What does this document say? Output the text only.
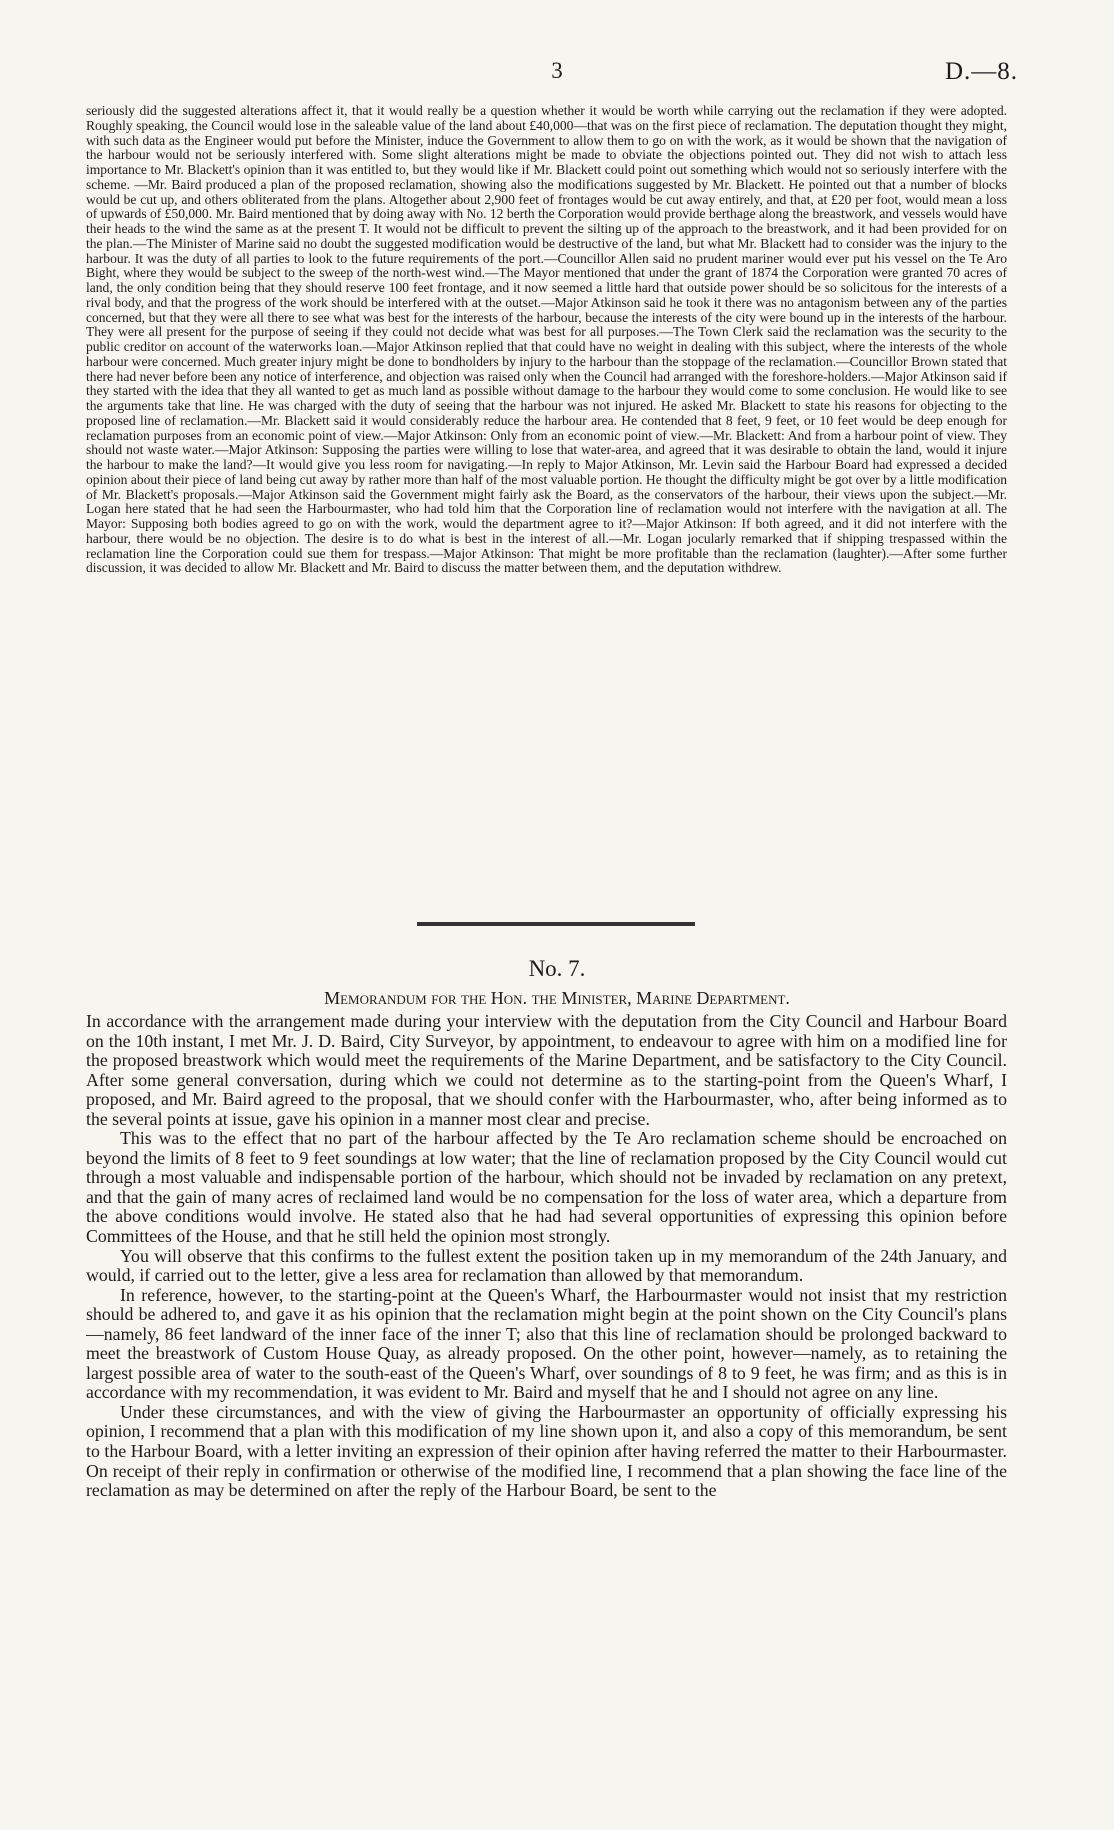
3	D.—8.
seriously did the suggested alterations affect it, that it would really be a question whether it would be worth while carrying out the reclamation if they were adopted. Roughly speaking, the Council would lose in the saleable value of the land about £40,000—that was on the first piece of reclamation. The deputation thought they might, with such data as the Engineer would put before the Minister, induce the Government to allow them to go on with the work, as it would be shown that the navigation of the harbour would not be seriously interfered with. Some slight alterations might be made to obviate the objections pointed out. They did not wish to attach less importance to Mr. Blackett's opinion than it was entitled to, but they would like if Mr. Blackett could point out something which would not so seriously interfere with the scheme. —Mr. Baird produced a plan of the proposed reclamation, showing also the modifications suggested by Mr. Blackett. He pointed out that a number of blocks would be cut up, and others obliterated from the plans. Altogether about 2,900 feet of frontages would be cut away entirely, and that, at £20 per foot, would mean a loss of upwards of £50,000. Mr. Baird mentioned that by doing away with No. 12 berth the Corporation would provide berthage along the breastwork, and vessels would have their heads to the wind the same as at the present T. It would not be difficult to prevent the silting up of the approach to the breastwork, and it had been provided for on the plan.—The Minister of Marine said no doubt the suggested modification would be destructive of the land, but what Mr. Blackett had to consider was the injury to the harbour. It was the duty of all parties to look to the future requirements of the port.—Councillor Allen said no prudent mariner would ever put his vessel on the Te Aro Bight, where they would be subject to the sweep of the north-west wind.—The Mayor mentioned that under the grant of 1874 the Corporation were granted 70 acres of land, the only condition being that they should reserve 100 feet frontage, and it now seemed a little hard that outside power should be so solicitous for the interests of a rival body, and that the progress of the work should be interfered with at the outset.—Major Atkinson said he took it there was no antagonism between any of the parties concerned, but that they were all there to see what was best for the interests of the harbour, because the interests of the city were bound up in the interests of the harbour. They were all present for the purpose of seeing if they could not decide what was best for all purposes.—The Town Clerk said the reclamation was the security to the public creditor on account of the waterworks loan.—Major Atkinson replied that that could have no weight in dealing with this subject, where the interests of the whole harbour were concerned. Much greater injury might be done to bondholders by injury to the harbour than the stoppage of the reclamation.—Councillor Brown stated that there had never before been any notice of interference, and objection was raised only when the Council had arranged with the foreshore-holders.—Major Atkinson said if they started with the idea that they all wanted to get as much land as possible without damage to the harbour they would come to some conclusion. He would like to see the arguments take that line. He was charged with the duty of seeing that the harbour was not injured. He asked Mr. Blackett to state his reasons for objecting to the proposed line of reclamation.—Mr. Blackett said it would considerably reduce the harbour area. He contended that 8 feet, 9 feet, or 10 feet would be deep enough for reclamation purposes from an economic point of view.—Major Atkinson: Only from an economic point of view.—Mr. Blackett: And from a harbour point of view. They should not waste water.—Major Atkinson: Supposing the parties were willing to lose that water-area, and agreed that it was desirable to obtain the land, would it injure the harbour to make the land?—It would give you less room for navigating.—In reply to Major Atkinson, Mr. Levin said the Harbour Board had expressed a decided opinion about their piece of land being cut away by rather more than half of the most valuable portion. He thought the difficulty might be got over by a little modification of Mr. Blackett's proposals.—Major Atkinson said the Government might fairly ask the Board, as the conservators of the harbour, their views upon the subject.—Mr. Logan here stated that he had seen the Harbourmaster, who had told him that the Corporation line of reclamation would not interfere with the navigation at all. The Mayor: Supposing both bodies agreed to go on with the work, would the department agree to it?—Major Atkinson: If both agreed, and it did not interfere with the harbour, there would be no objection. The desire is to do what is best in the interest of all.—Mr. Logan jocularly remarked that if shipping trespassed within the reclamation line the Corporation could sue them for trespass.—Major Atkinson: That might be more profitable than the reclamation (laughter).—After some further discussion, it was decided to allow Mr. Blackett and Mr. Baird to discuss the matter between them, and the deputation withdrew.
No. 7.
Memorandum for the Hon. the Minister, Marine Department.

In accordance with the arrangement made during your interview with the deputation from the City Council and Harbour Board on the 10th instant, I met Mr. J. D. Baird, City Surveyor, by appointment, to endeavour to agree with him on a modified line for the proposed breastwork which would meet the requirements of the Marine Department, and be satisfactory to the City Council. After some general conversation, during which we could not determine as to the starting-point from the Queen's Wharf, I proposed, and Mr. Baird agreed to the proposal, that we should confer with the Harbourmaster, who, after being informed as to the several points at issue, gave his opinion in a manner most clear and precise.

This was to the effect that no part of the harbour affected by the Te Aro reclamation scheme should be encroached on beyond the limits of 8 feet to 9 feet soundings at low water; that the line of reclamation proposed by the City Council would cut through a most valuable and indispensable portion of the harbour, which should not be invaded by reclamation on any pretext, and that the gain of many acres of reclaimed land would be no compensation for the loss of water area, which a departure from the above conditions would involve. He stated also that he had had several opportunities of expressing this opinion before Committees of the House, and that he still held the opinion most strongly.

You will observe that this confirms to the fullest extent the position taken up in my memorandum of the 24th January, and would, if carried out to the letter, give a less area for reclamation than allowed by that memorandum.

In reference, however, to the starting-point at the Queen's Wharf, the Harbourmaster would not insist that my restriction should be adhered to, and gave it as his opinion that the reclamation might begin at the point shown on the City Council's plans—namely, 86 feet landward of the inner face of the inner T; also that this line of reclamation should be prolonged backward to meet the breastwork of Custom House Quay, as already proposed. On the other point, however—namely, as to retaining the largest possible area of water to the south-east of the Queen's Wharf, over soundings of 8 to 9 feet, he was firm; and as this is in accordance with my recommendation, it was evident to Mr. Baird and myself that he and I should not agree on any line.

Under these circumstances, and with the view of giving the Harbourmaster an opportunity of officially expressing his opinion, I recommend that a plan with this modification of my line shown upon it, and also a copy of this memorandum, be sent to the Harbour Board, with a letter inviting an expression of their opinion after having referred the matter to their Harbourmaster. On receipt of their reply in confirmation or otherwise of the modified line, I recommend that a plan showing the face line of the reclamation as may be determined on after the reply of the Harbour Board, be sent to the
